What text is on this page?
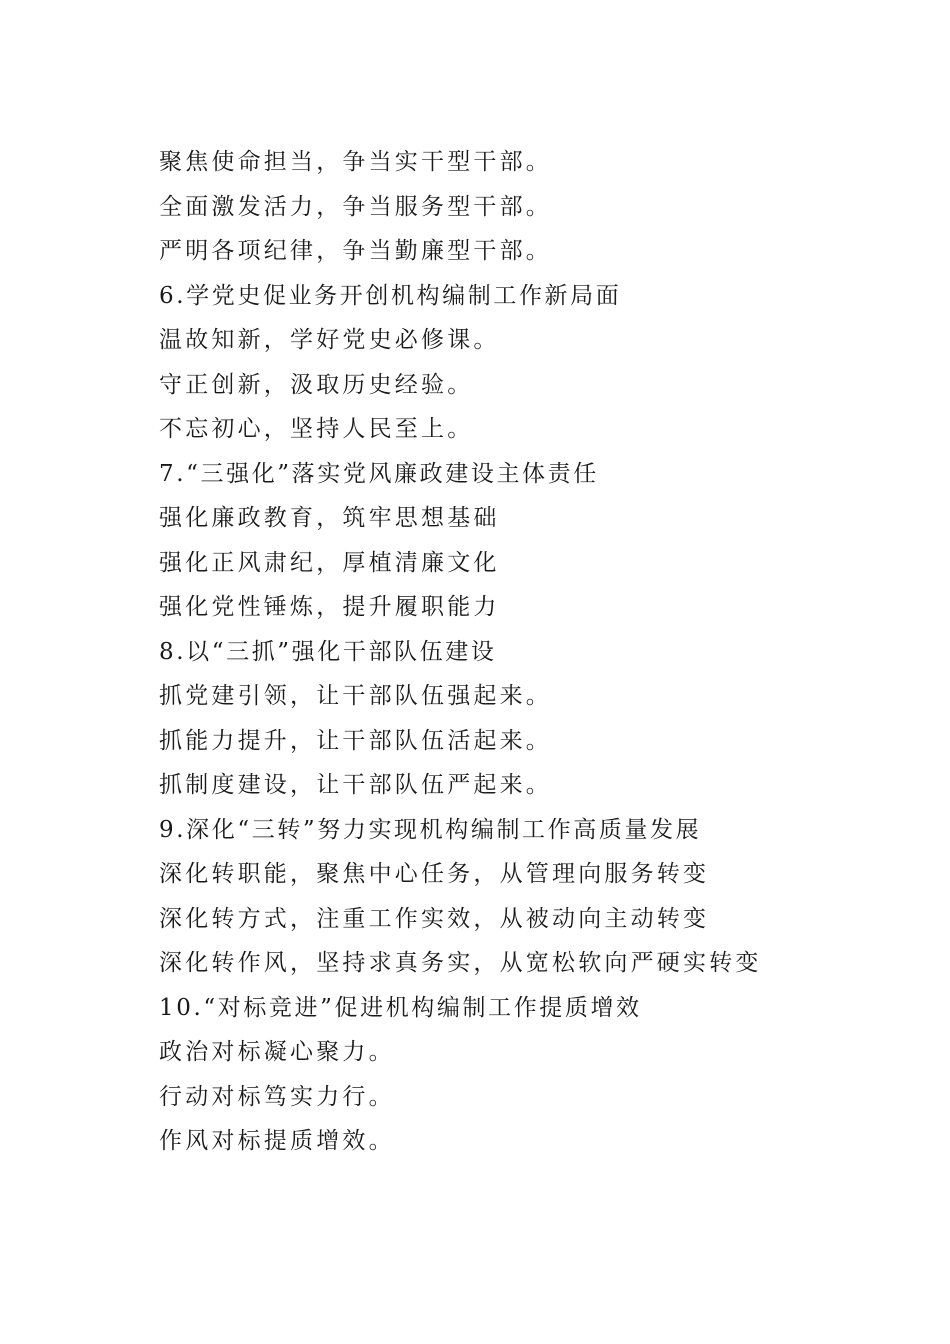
聚焦使命担当，争当实干型干部。
全面激发活力，争当服务型干部。
严明各项纪律，争当勤廉型干部。
6.学党史促业务开创机构编制工作新局面
温故知新，学好党史必修课。
守正创新，汲取历史经验。
不忘初心，坚持人民至上。
7.“三强化”落实党风廉政建设主体责任
强化廉政教育，筑牢思想基础
强化正风肃纪，厚植清廉文化
强化党性锤炼，提升履职能力
8.以“三抓”强化干部队伍建设
抓党建引领，让干部队伍强起来。
抓能力提升，让干部队伍活起来。
抓制度建设，让干部队伍严起来。
9.深化“三转”努力实现机构编制工作高质量发展
深化转职能，聚焦中心任务，从管理向服务转变
深化转方式，注重工作实效，从被动向主动转变
深化转作风，坚持求真务实，从宽松软向严硬实转变
10.“对标竞进”促进机构编制工作提质增效
政治对标凝心聚力。
行动对标笃实力行。
作风对标提质增效。
